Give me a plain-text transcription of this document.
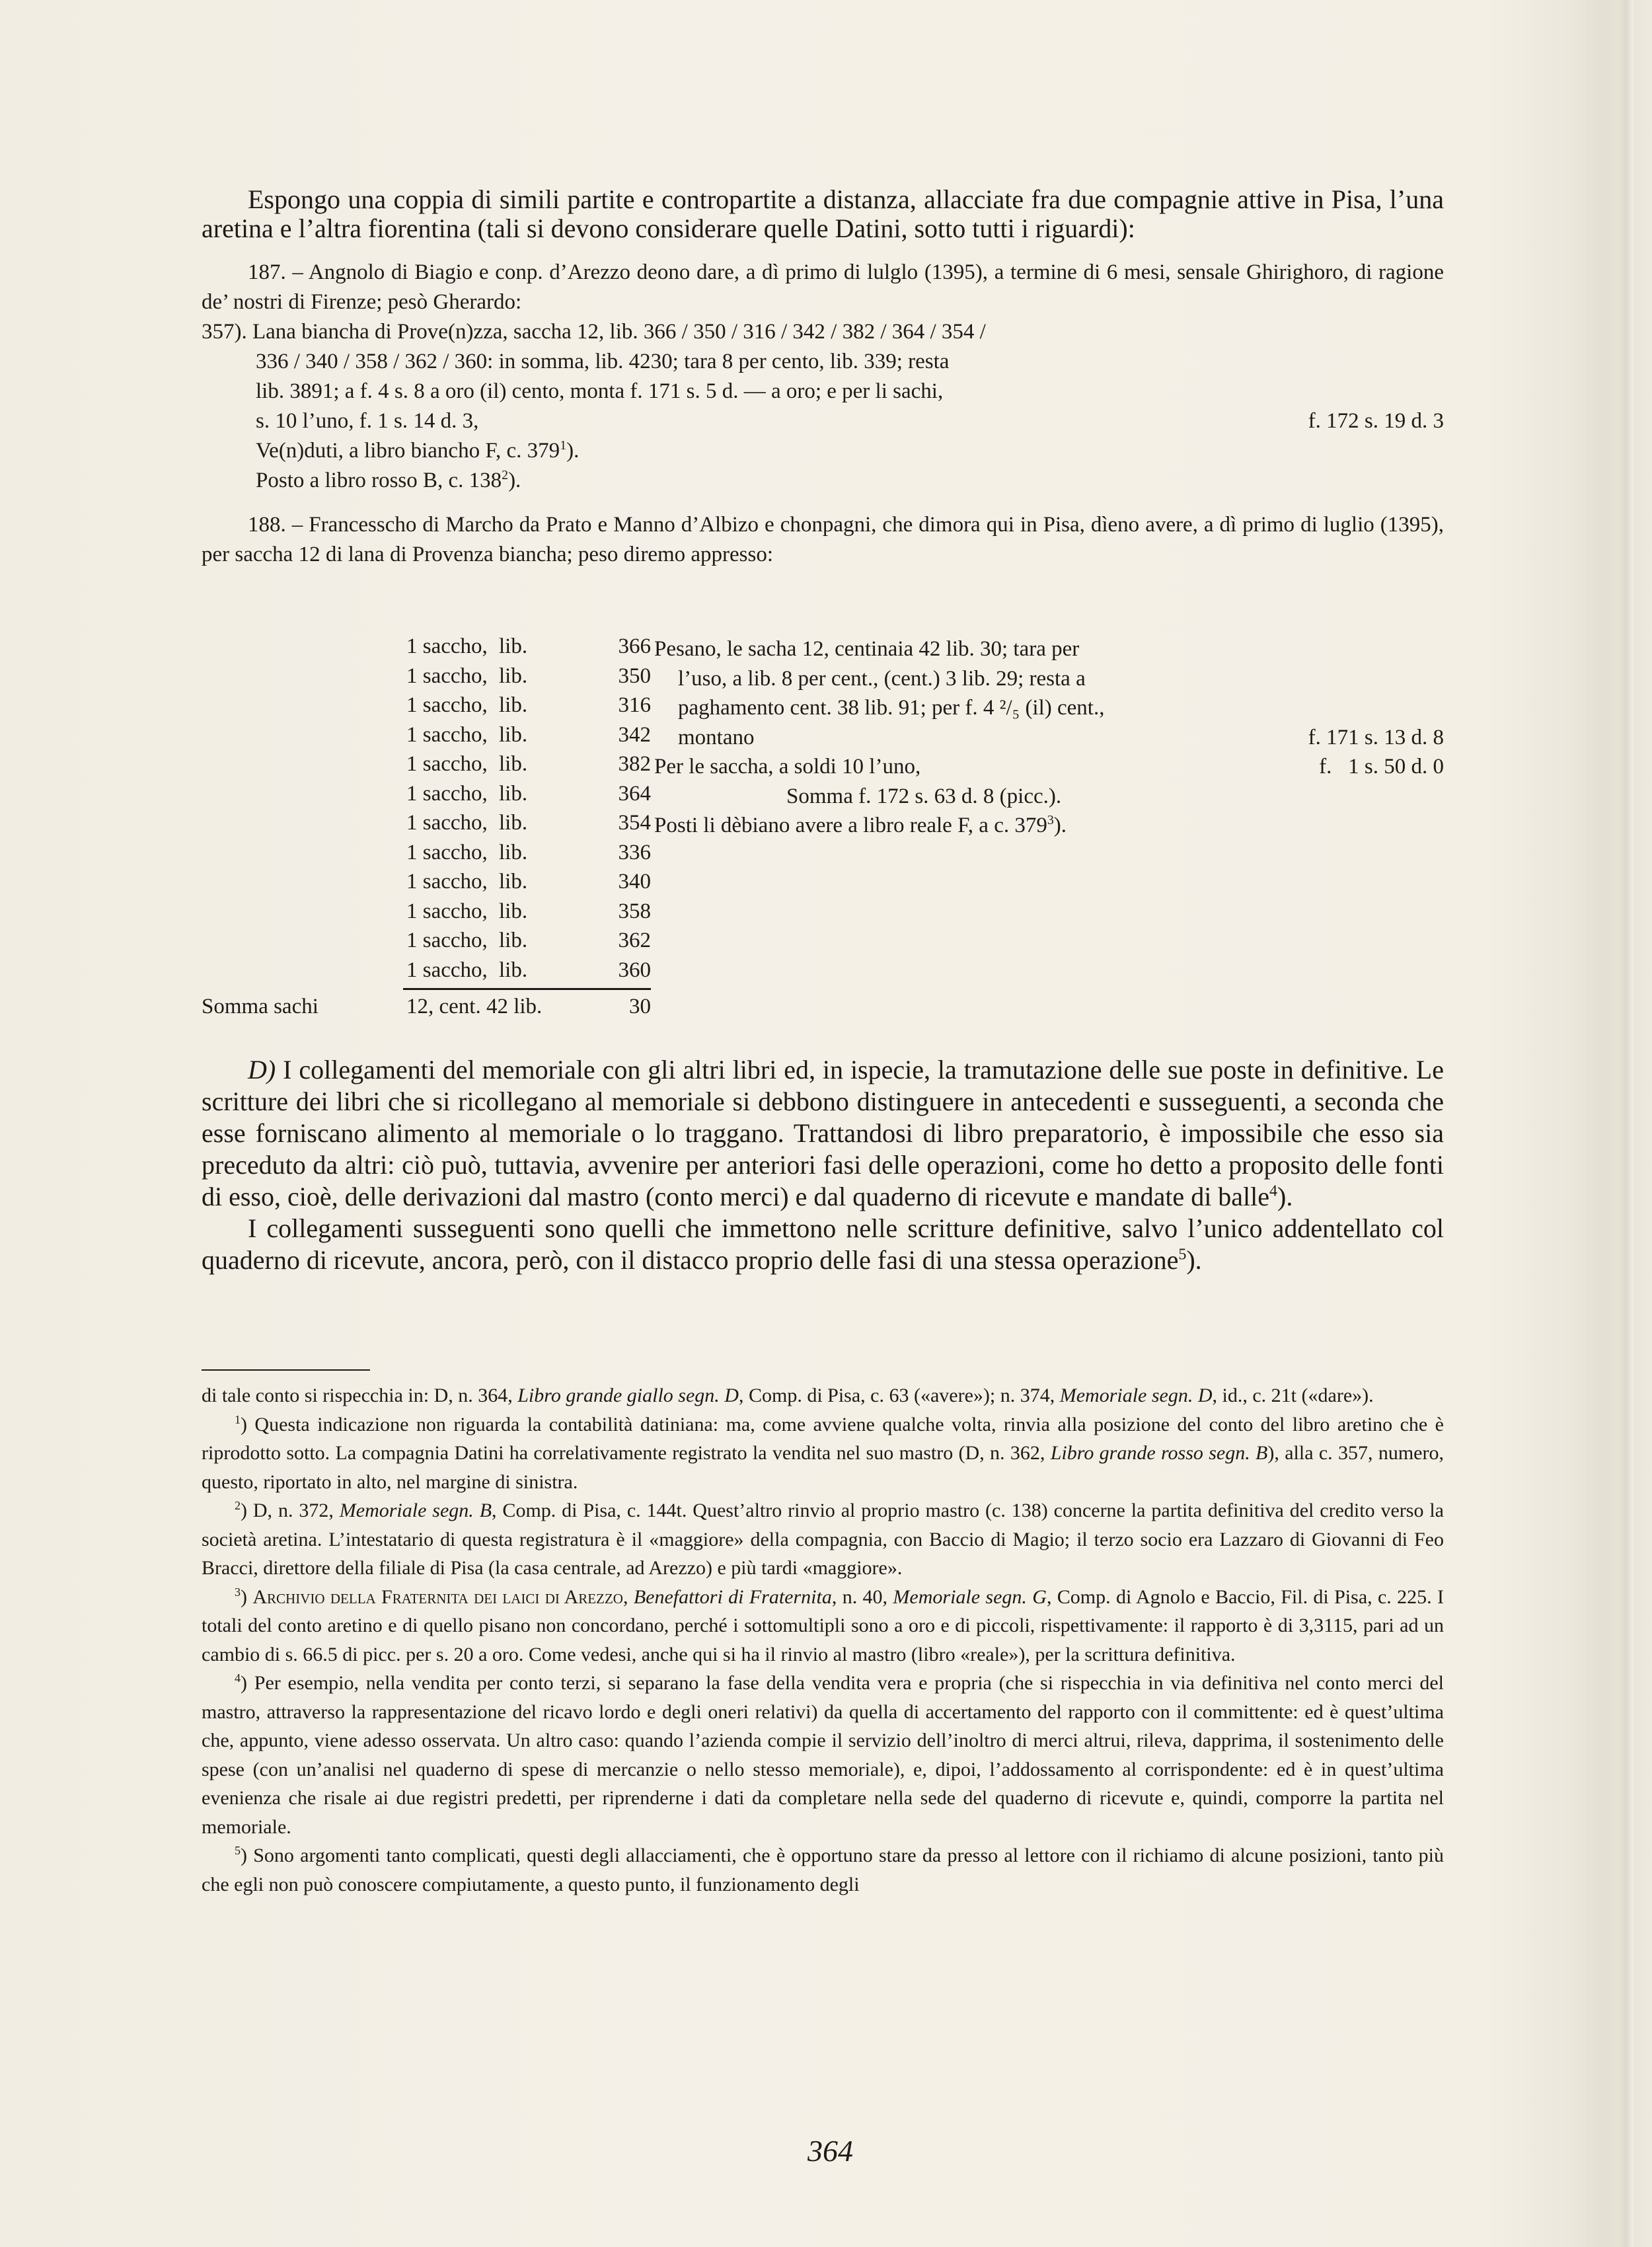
Espongo una coppia di simili partite e contropartite a distanza, allacciate fra due compagnie attive in Pisa, l’una aretina e l’altra fiorentina (tali si devono considerare quelle Datini, sotto tutti i riguardi):

187. – Angnolo di Biagio e conp. d’Arezzo deono dare, a dì primo di lulglo (1395), a termine di 6 mesi, sensale Ghirighoro, di ragione de’ nostri di Firenze; pesò Gherardo:

357). Lana biancha di Prove(n)zza, saccha 12, lib. 366 / 350 / 316 / 342 / 382 / 364 / 354 /
336 / 340 / 358 / 362 / 360: in somma, lib. 4230; tara 8 per cento, lib. 339; resta
lib. 3891; a f. 4 s. 8 a oro (il) cento, monta f. 171 s. 5 d. — a oro; e per li sachi,
s. 10 l’uno, f. 1 s. 14 d. 3,	f. 172 s. 19 d. 3
Ve(n)duti, a libro biancho F, c. $379^1$).
Posto a libro rosso B, c. $138^2$).

188. – Francesscho di Marcho da Prato e Manno d’Albizo e chonpagni, che dimora qui in Pisa, dìeno avere, a dì primo di luglio (1395), per saccha 12 di lana di Provenza biancha; peso diremo appresso:

1 saccho, lib.	366
1 saccho, lib.	350
1 saccho, lib.	316
1 saccho, lib.	342
1 saccho, lib.	382
1 saccho, lib.	364
1 saccho, lib.	354
1 saccho, lib.	336
1 saccho, lib.	340
1 saccho, lib.	358
1 saccho, lib.	362
1 saccho, lib.	360
Somma sachi	12, cent. 42 lib.	30
Pesano, le sacha 12, centinaia 42 lib. 30; tara per
l’uso, a lib. 8 per cent., (cent.) 3 lib. 29; resta a
paghamento cent. 38 lib. 91; per f. 4 ²/₅ (il) cent.,
montano	f. 171 s. 13 d. 8
Per le saccha, a soldi 10 l’uno,	f.   1 s. 50 d. 0
Somma f. 172 s. 63 d. 8 (picc.).
Posti li dèbiano avere a libro reale F, a c. $379^3$).

D) I collegamenti del memoriale con gli altri libri ed, in ispecie, la tramutazione delle sue poste in definitive. Le scritture dei libri che si ricollegano al memoriale si debbono distinguere in antecedenti e susseguenti, a seconda che esse forniscano alimento al memoriale o lo traggano. Trattandosi di libro preparatorio, è impossibile che esso sia preceduto da altri: ciò può, tuttavia, avvenire per anteriori fasi delle operazioni, come ho detto a proposito delle fonti di esso, cioè, delle derivazioni dal mastro (conto merci) e dal quaderno di ricevute e mandate di balle$^4$).

I collegamenti susseguenti sono quelli che immettono nelle scritture definitive, salvo l’unico addentellato col quaderno di ricevute, ancora, però, con il distacco proprio delle fasi di una stessa operazione$^5$).

di tale conto si rispecchia in: D, n. 364, Libro grande giallo segn. D, Comp. di Pisa, c. 63 («avere»); n. 374, Memoriale segn. D, id., c. 21t («dare»).

$^1$) Questa indicazione non riguarda la contabilità datiniana: ma, come avviene qualche volta, rinvia alla posizione del conto del libro aretino che è riprodotto sotto. La compagnia Datini ha correlativamente registrato la vendita nel suo mastro (D, n. 362, Libro grande rosso segn. B), alla c. 357, numero, questo, riportato in alto, nel margine di sinistra.

$^2$) D, n. 372, Memoriale segn. B, Comp. di Pisa, c. 144t. Quest’altro rinvio al proprio mastro (c. 138) concerne la partita definitiva del credito verso la società aretina. L’intestatario di questa registratura è il «maggiore» della compagnia, con Baccio di Magio; il terzo socio era Lazzaro di Giovanni di Feo Bracci, direttore della filiale di Pisa (la casa centrale, ad Arezzo) e più tardi «maggiore».

$^3$) Archivio della Fraternita dei laici di Arezzo, Benefattori di Fraternita, n. 40, Memoriale segn. G, Comp. di Agnolo e Baccio, Fil. di Pisa, c. 225. I totali del conto aretino e di quello pisano non concordano, perché i sottomultipli sono a oro e di piccoli, rispettivamente: il rapporto è di 3,3115, pari ad un cambio di s. 66.5 di picc. per s. 20 a oro. Come vedesi, anche qui si ha il rinvio al mastro (libro «reale»), per la scrittura definitiva.

$^4$) Per esempio, nella vendita per conto terzi, si separano la fase della vendita vera e propria (che si rispecchia in via definitiva nel conto merci del mastro, attraverso la rappresentazione del ricavo lordo e degli oneri relativi) da quella di accertamento del rapporto con il committente: ed è quest’ultima che, appunto, viene adesso osservata. Un altro caso: quando l’azienda compie il servizio dell’inoltro di merci altrui, rileva, dapprima, il sostenimento delle spese (con un’analisi nel quaderno di spese di mercanzie o nello stesso memoriale), e, dipoi, l’addossamento al corrispondente: ed è in quest’ultima evenienza che risale ai due registri predetti, per riprenderne i dati da completare nella sede del quaderno di ricevute e, quindi, comporre la partita nel memoriale.

$^5$) Sono argomenti tanto complicati, questi degli allacciamenti, che è opportuno stare da presso al lettore con il richiamo di alcune posizioni, tanto più che egli non può conoscere compiutamente, a questo punto, il funzionamento degli

364
